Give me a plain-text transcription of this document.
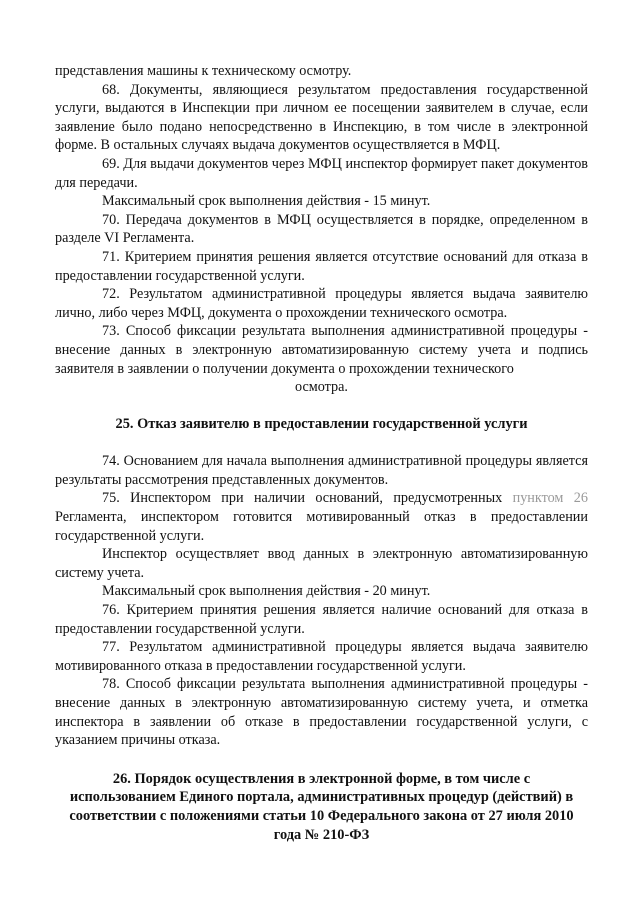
представления машины к техническому осмотру.

68. Документы, являющиеся результатом предоставления государственной услуги, выдаются в Инспекции при личном ее посещении заявителем в случае, если заявление было подано непосредственно в Инспекцию, в том числе в электронной форме. В остальных случаях выдача документов осуществляется в МФЦ.

69. Для выдачи документов через МФЦ инспектор формирует пакет документов для передачи.

Максимальный срок выполнения действия - 15 минут.

70. Передача документов в МФЦ осуществляется в порядке, определенном в разделе VI Регламента.

71. Критерием принятия решения является отсутствие оснований для отказа в предоставлении государственной услуги.

72. Результатом административной процедуры является выдача заявителю лично, либо через МФЦ, документа о прохождении технического осмотра.

73. Способ фиксации результата выполнения административной процедуры - внесение данных в электронную автоматизированную систему учета и подпись заявителя в заявлении о получении документа о прохождении технического

осмотра.

25. Отказ заявителю в предоставлении государственной услуги

74. Основанием для начала выполнения административной процедуры является результаты рассмотрения представленных документов.

75. Инспектором при наличии оснований, предусмотренных пунктом 26 Регламента, инспектором готовится мотивированный отказ в предоставлении государственной услуги.

Инспектор осуществляет ввод данных в электронную автоматизированную систему учета.

Максимальный срок выполнения действия - 20 минут.

76. Критерием принятия решения является наличие оснований для отказа в предоставлении государственной услуги.

77. Результатом административной процедуры является выдача заявителю мотивированного отказа в предоставлении государственной услуги.

78. Способ фиксации результата выполнения административной процедуры - внесение данных в электронную автоматизированную систему учета, и отметка инспектора в заявлении об отказе в предоставлении государственной услуги, с указанием причины отказа.

26. Порядок осуществления в электронной форме, в том числе с использованием Единого портала, административных процедур (действий) в соответствии с положениями статьи 10 Федерального закона от 27 июля 2010 года № 210-ФЗ
